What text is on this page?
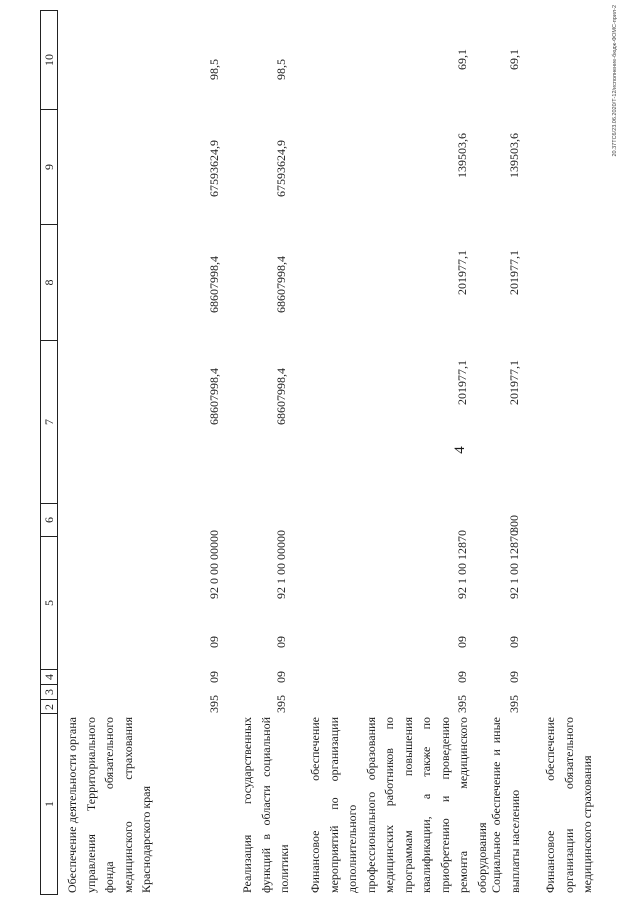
4
20.37ТС6/23.06.2020/Т-12/исполнение-бюдж-ФОМС-прил-2
1
2
3
4
5
6
7
8
9
10
Обеспечение деятельности органа управления Территориального фонда обязательного медицинского страхования Краснодарского края
395
09
09
92 0 00 00000
68607998,4
68607998,4
67593624,9
98,5
Реализация государственных функций в области социальной политики
395
09
09
92 1 00 00000
68607998,4
68607998,4
67593624,9
98,5
Финансовое обеспечение мероприятий по организации дополнительного профессионального образования медицинских работников по программам повышения квалификации, а также по приобретению и проведению ремонта медицинского оборудования
395
09
09
92 1 00 12870
201977,1
201977,1
139503,6
69,1
Социальное обеспечение и иные выплаты населению
395
09
09
92 1 00 12870
300
201977,1
201977,1
139503,6
69,1
Финансовое обеспечение организации обязательного медицинского страхования
